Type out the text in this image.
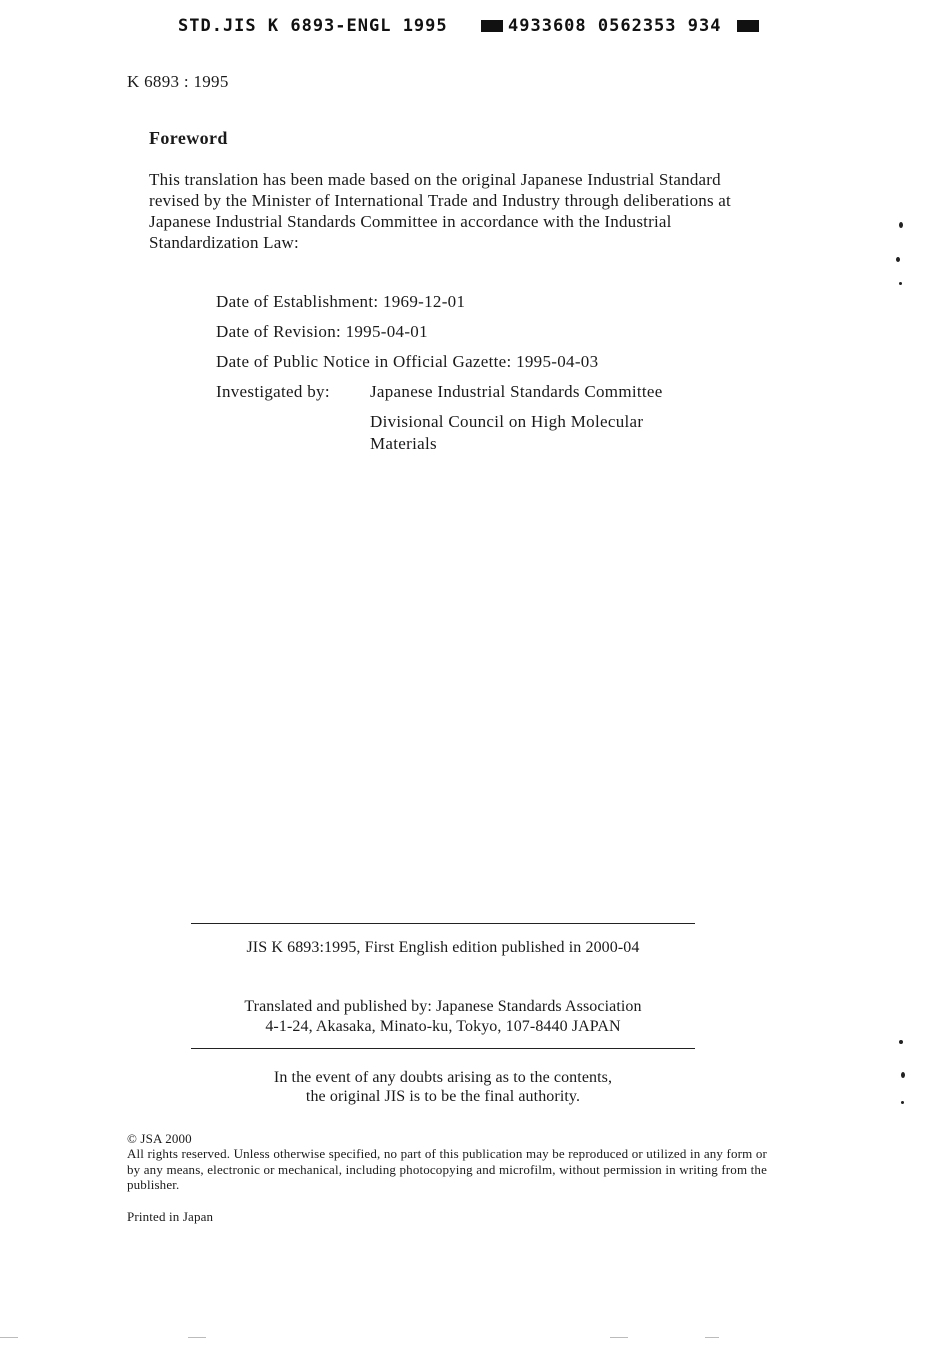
STD.JIS K 6893-ENGL 1995	4933608 0562353 934
K 6893 : 1995
Foreword
This translation has been made based on the original Japanese Industrial Standard revised by the Minister of International Trade and Industry through deliberations at Japanese Industrial Standards Committee in accordance with the Industrial Standardization Law:
Date of Establishment: 1969-12-01
Date of Revision: 1995-04-01
Date of Public Notice in Official Gazette: 1995-04-03
Investigated by: Japanese Industrial Standards Committee
Divisional Council on High Molecular
Materials
JIS K 6893:1995, First English edition published in 2000-04
Translated and published by: Japanese Standards Association
4-1-24, Akasaka, Minato-ku, Tokyo, 107-8440 JAPAN
In the event of any doubts arising as to the contents,
the original JIS is to be the final authority.
© JSA 2000
All rights reserved. Unless otherwise specified, no part of this publication may be reproduced or utilized in any form or by any means, electronic or mechanical, including photocopying and microfilm, without permission in writing from the publisher.
Printed in Japan
